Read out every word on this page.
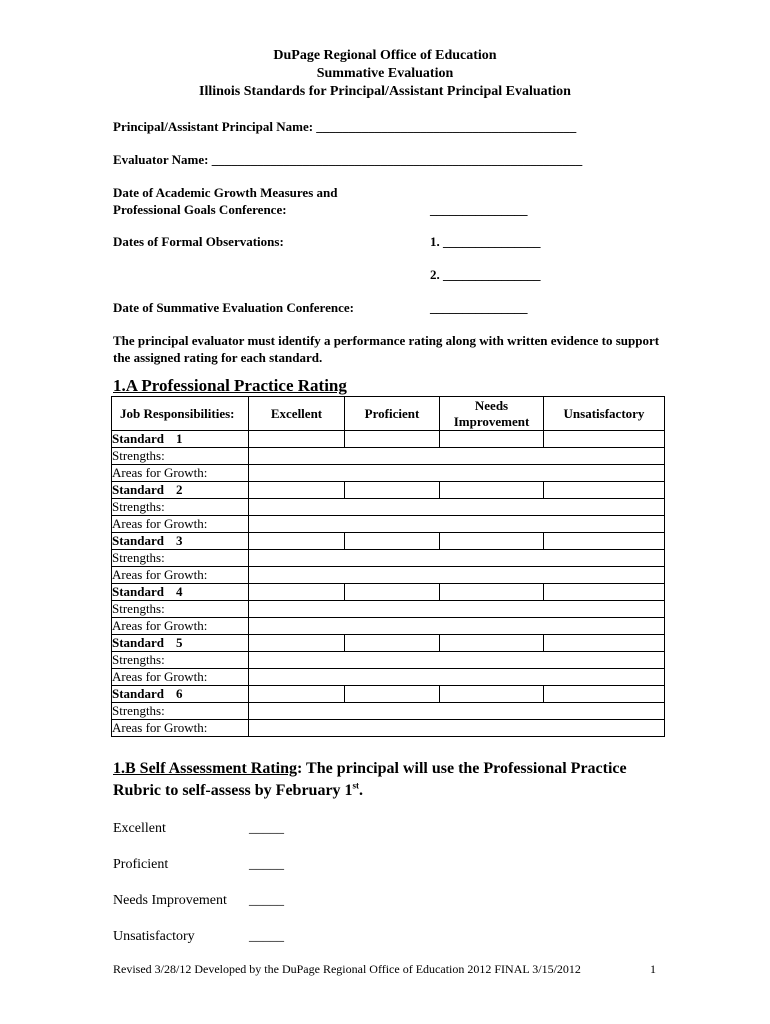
DuPage Regional Office of Education
Summative Evaluation
Illinois Standards for Principal/Assistant Principal Evaluation
Principal/Assistant Principal Name: ________________________________________
Evaluator Name: _________________________________________________________
Date of Academic Growth Measures and
Professional Goals Conference:	_______________
Dates of Formal Observations:	1. _______________
2. _______________
Date of Summative Evaluation Conference:	_______________
The principal evaluator must identify a performance rating along with written evidence to support the assigned rating for each standard.
1.A Professional Practice Rating
Job Responsibilities:	Excellent	Proficient	Needs Improvement	Unsatisfactory
Standard 1				
Strengths:				
Areas for Growth:				
Standard 2				
Strengths:				
Areas for Growth:				
Standard 3				
Strengths:				
Areas for Growth:				
Standard 4				
Strengths:				
Areas for Growth:				
Standard 5				
Strengths:				
Areas for Growth:				
Standard 6				
Strengths:				
Areas for Growth:				
1.B Self Assessment Rating: The principal will use the Professional Practice Rubric to self-assess by February 1st.
Excellent	_____
Proficient	_____
Needs Improvement _____
Unsatisfactory	_____
Revised 3/28/12 Developed by the DuPage Regional Office of Education 2012 FINAL 3/15/2012	1
